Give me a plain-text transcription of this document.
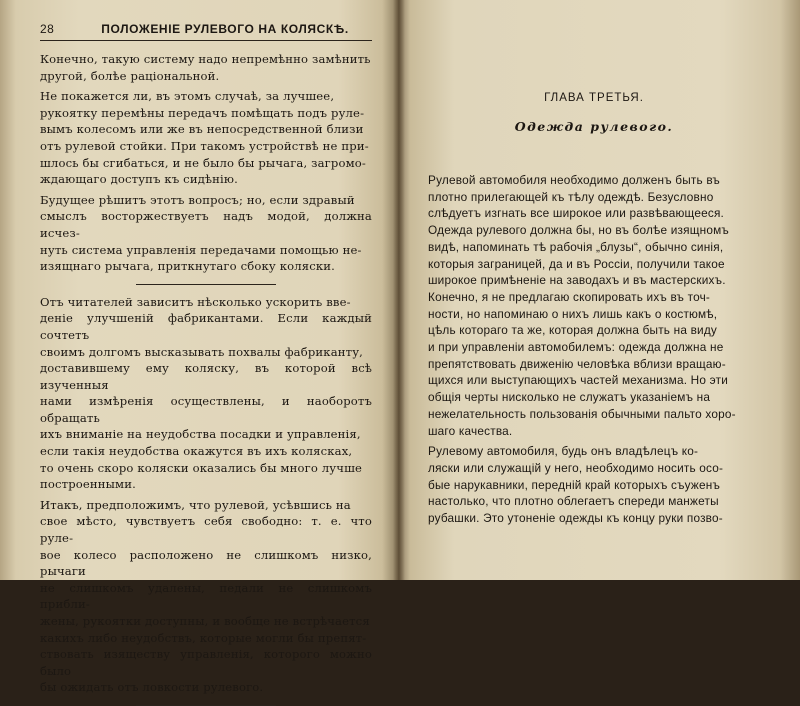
28	ПОЛОЖЕНІЕ РУЛЕВОГО НА КОЛЯСКѢ.

Конечно, такую систему надо непремѣнно замѣнить
другой, болѣе раціональной.

Не покажется ли, въ этомъ случаѣ, за лучшее,
рукоятку перемѣны передачъ помѣщать подъ руле-
вымъ колесомъ или же въ непосредственной близи
отъ рулевой стойки. При такомъ устройствѣ не при-
шлось бы сгибаться, и не было бы рычага, загромо-
ждающаго доступъ къ сидѣнію.

Будущее рѣшитъ этотъ вопросъ; но, если здравый
смыслъ восторжествуетъ надъ модой, должна исчез-
нуть система управленія передачами помощью не-
изящнаго рычага, приткнутаго сбоку коляски.

Отъ читателей зависитъ нѣсколько ускорить вве-
деніе улучшеній фабрикантами. Если каждый сочтетъ
своимъ долгомъ высказывать похвалы фабриканту,
доставившему ему коляску, въ которой всѣ изученныя
нами измѣренія осуществлены, и наоборотъ обращать
ихъ вниманіе на неудобства посадки и управленія,
если такія неудобства окажутся въ ихъ колясках,
то очень скоро коляски оказались бы много лучше
построенными.

Итакъ, предположимъ, что рулевой, усѣвшись на
свое мѣсто, чувствуетъ себя свободно: т. е. что руле-
вое колесо расположено не слишкомъ низко, рычаги
не слишкомъ удалены, педали не слишкомъ прибли-
жены, рукоятки доступны, и вообще не встрѣчается
какихъ либо неудобствъ, которые могли бы препят-
ствовать изяществу управленія, которого можно было
бы ожидать отъ ловкости рулевого.

ГЛАВА ТРЕТЬЯ.
Одежда рулевого.

Рулевой автомобиля необходимо долженъ быть въ
плотно прилегающей къ тѣлу одеждѣ. Безусловно
слѣдуетъ изгнать все широкое или развѣвающееся.
Одежда рулевого должна бы, но въ болѣе изящномъ
видѣ, напоминать тѣ рабочія „блузы“, обычно синія,
которыя заграницей, да и въ Россіи, получили такое
широкое примѣненіе на заводахъ и въ мастерскихъ.
Конечно, я не предлагаю скопировать ихъ въ точ-
ности, но напоминаю о нихъ лишь какъ о костюмѣ,
цѣль котораго та же, которая должна быть на виду
и при управленіи автомобилемъ: одежда должна не
препятствовать движенію человѣка вблизи вращаю-
щихся или выступающихъ частей механизма. Но эти
общія черты нисколько не служатъ указаніемъ на
нежелательность пользованія обычными пальто хоро-
шаго качества.

Рулевому автомобиля, будь онъ владѣлецъ ко-
ляски или служащій у него, необходимо носить осо-
бые нарукавники, передній край которыхъ съуженъ
настолько, что плотно облегаетъ спереди манжеты
рубашки. Это утоненіе одежды къ концу руки позво-
